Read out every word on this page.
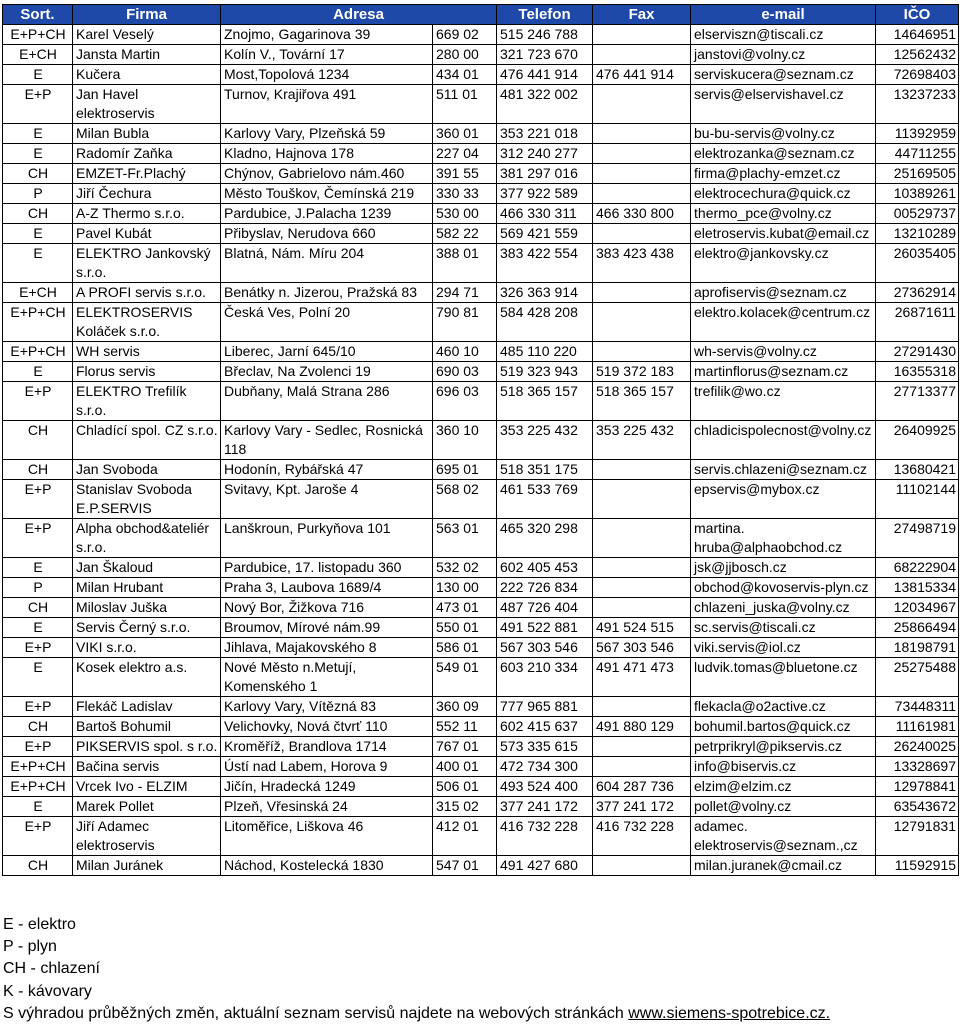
Sort.	Firma	Adresa		Telefon	Fax	e-mail	IČO
E+P+CH	Karel Veselý	Znojmo, Gagarinova 39	669 02	515 246 788		elserviszn@tiscali.cz	14646951
E+CH	Jansta Martin	Kolín V., Tovární 17	280 00	321 723 670		janstovi@volny.cz	12562432
E	Kučera	Most,Topolová 1234	434 01	476 441 914	476 441 914	serviskucera@seznam.cz	72698403
E+P	Jan Havel elektroservis	Turnov, Krajiřova 491	511 01	481 322 002		servis@elservishavel.cz	13237233
E	Milan Bubla	Karlovy Vary, Plzeňská 59	360 01	353 221 018		bu-bu-servis@volny.cz	11392959
E	Radomír Zaňka	Kladno, Hajnova 178	227 04	312 240 277		elektrozanka@seznam.cz	44711255
CH	EMZET-Fr.Plachý	Chýnov, Gabrielovo nám.460	391 55	381 297 016		firma@plachy-emzet.cz	25169505
P	Jiří Čechura	Město Touškov, Čemínská 219	330 33	377 922 589		elektrocechura@quick.cz	10389261
CH	A-Z Thermo s.r.o.	Pardubice, J.Palacha 1239	530 00	466 330 311	466 330 800	thermo_pce@volny.cz	00529737
E	Pavel Kubát	Přibyslav, Nerudova 660	582 22	569 421 559		eletroservis.kubat@email.cz	13210289
E	ELEKTRO Jankovský s.r.o.	Blatná, Nám. Míru 204	388 01	383 422 554	383 423 438	elektro@jankovsky.cz	26035405
E+CH	A PROFI servis s.r.o.	Benátky n. Jizerou, Pražská 83	294 71	326 363 914		aprofiservis@seznam.cz	27362914
E+P+CH	ELEKTROSERVIS Koláček s.r.o.	Česká Ves, Polní 20	790 81	584 428 208		elektro.kolacek@centrum.cz	26871611
E+P+CH	WH servis	Liberec, Jarní 645/10	460 10	485 110 220		wh-servis@volny.cz	27291430
E	Florus servis	Břeclav, Na Zvolenci 19	690 03	519 323 943	519 372 183	martinflorus@seznam.cz	16355318
E+P	ELEKTRO Trefilík s.r.o.	Dubňany, Malá Strana 286	696 03	518 365 157	518 365 157	trefilik@wo.cz	27713377
CH	Chladící spol. CZ s.r.o.	Karlovy Vary - Sedlec, Rosnická 118	360 10	353 225 432	353 225 432	chladicispolecnost@volny.cz	26409925
CH	Jan Svoboda	Hodonín, Rybářská 47	695 01	518 351 175		servis.chlazeni@seznam.cz	13680421
E+P	Stanislav Svoboda E.P.SERVIS	Svitavy, Kpt. Jaroše 4	568 02	461 533 769		epservis@mybox.cz	11102144
E+P	Alpha obchod&ateliér s.r.o.	Lanškroun, Purkyňova 101	563 01	465 320 298		martina. hruba@alphaobchod.cz	27498719
E	Jan Škaloud	Pardubice, 17. listopadu 360	532 02	602 405 453		jsk@jjbosch.cz	68222904
P	Milan Hrubant	Praha 3, Laubova 1689/4	130 00	222 726 834		obchod@kovoservis-plyn.cz	13815334
CH	Miloslav Juška	Nový Bor, Žižkova 716	473 01	487 726 404		chlazeni_juska@volny.cz	12034967
E	Servis Černý s.r.o.	Broumov, Mírové nám.99	550 01	491 522 881	491 524 515	sc.servis@tiscali.cz	25866494
E+P	VIKI s.r.o.	Jihlava, Majakovského 8	586 01	567 303 546	567 303 546	viki.servis@iol.cz	18198791
E	Kosek elektro a.s.	Nové Město n.Metují, Komenského 1	549 01	603 210 334	491 471 473	ludvik.tomas@bluetone.cz	25275488
E+P	Flekáč Ladislav	Karlovy Vary, Vítězná 83	360 09	777 965 881		flekacla@o2active.cz	73448311
CH	Bartoš Bohumil	Velichovky, Nová čtvrť 110	552 11	602 415 637	491 880 129	bohumil.bartos@quick.cz	11161981
E+P	PIKSERVIS spol. s r.o.	Kroměříž, Brandlova 1714	767 01	573 335 615		petrprikryl@pikservis.cz	26240025
E+P+CH	Bačina servis	Ústí nad Labem, Horova 9	400 01	472 734 300		info@biservis.cz	13328697
E+P+CH	Vrcek Ivo - ELZIM	Jičín, Hradecká 1249	506 01	493 524 400	604 287 736	elzim@elzim.cz	12978841
E	Marek Pollet	Plzeň, Vřesinská 24	315 02	377 241 172	377 241 172	pollet@volny.cz	63543672
E+P	Jiří Adamec elektroservis	Litoměřice, Liškova 46	412 01	416 732 228	416 732 228	adamec. elektroservis@seznam.,cz	12791831
CH	Milan Juránek	Náchod, Kostelecká 1830	547 01	491 427 680		milan.juranek@cmail.cz	11592915
E - elektro
P - plyn
CH - chlazení
K - kávovary
S výhradou průběžných změn, aktuální seznam servisů najdete na webových stránkách www.siemens-spotrebice.cz.
